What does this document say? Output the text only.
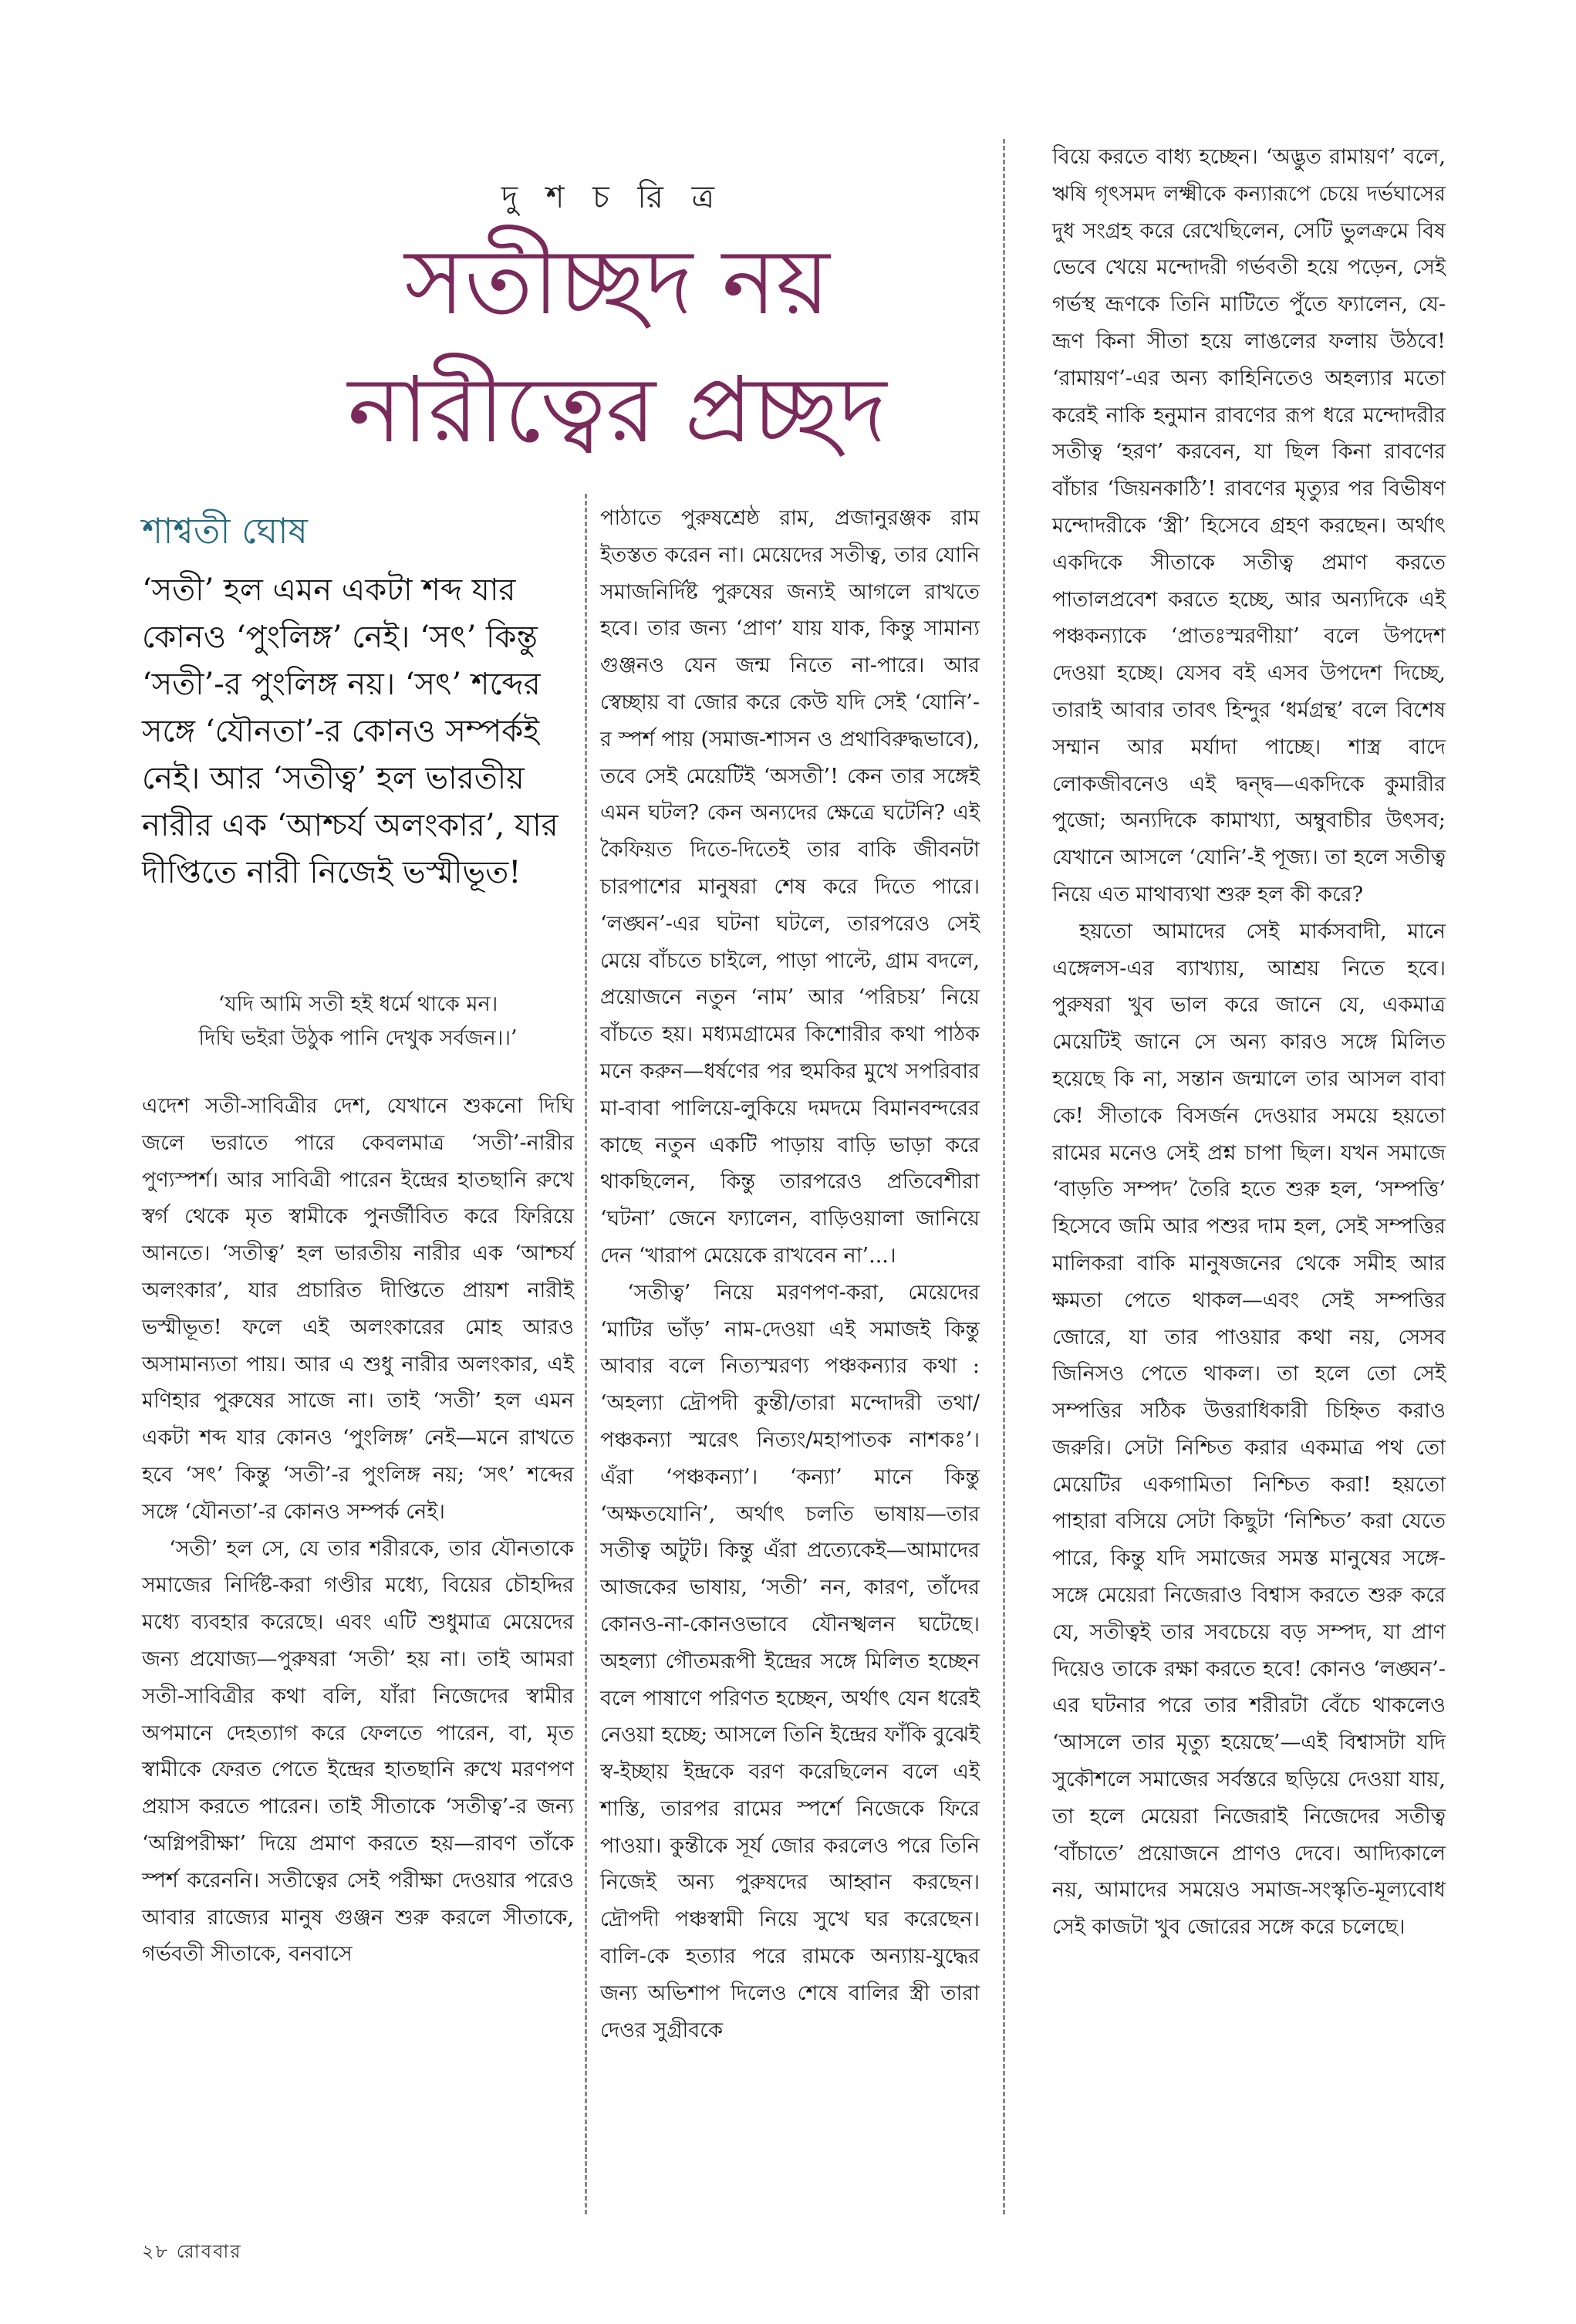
দু শ চ রি ত্র
সতীচ্ছদ নয়
নারীত্বের প্রচ্ছদ
শাশ্বতী ঘোষ
‘সতী’ হল এমন একটা শব্দ যার কোনও ‘পুংলিঙ্গ’ নেই। ‘সৎ’ কিন্তু ‘সতী’-র পুংলিঙ্গ নয়। ‘সৎ’ শব্দের সঙ্গে ‘যৌনতা’-র কোনও সম্পর্কই নেই। আর ‘সতীত্ব’ হল ভারতীয় নারীর এক ‘আশ্চর্য অলংকার’, যার দীপ্তিতে নারী নিজেই ভস্মীভূত!
‘যদি আমি সতী হই ধর্মে থাকে মন।
দিঘি ভইরা উঠুক পানি দেখুক সর্বজন।।’

এদেশ সতী-সাবিত্রীর দেশ, যেখানে শুকনো দিঘি জলে ভরাতে পারে কেবলমাত্র ‘সতী’-নারীর পুণ্যস্পর্শ। আর সাবিত্রী পারেন ইন্দ্রের হাতছানি রুখে স্বর্গ থেকে মৃত স্বামীকে পুনর্জীবিত করে ফিরিয়ে আনতে। ‘সতীত্ব’ হল ভারতীয় নারীর এক ‘আশ্চর্য অলংকার’, যার প্রচারিত দীপ্তিতে প্রায়শ নারীই ভস্মীভূত! ফলে এই অলংকারের মোহ আরও অসামান্যতা পায়। আর এ শুধু নারীর অলংকার, এই মণিহার পুরুষের সাজে না। তাই ‘সতী’ হল এমন একটা শব্দ যার কোনও ‘পুংলিঙ্গ’ নেই—মনে রাখতে হবে ‘সৎ’ কিন্তু ‘সতী’-র পুংলিঙ্গ নয়; ‘সৎ’ শব্দের সঙ্গে ‘যৌনতা’-র কোনও সম্পর্ক নেই।

‘সতী’ হল সে, যে তার শরীরকে, তার যৌনতাকে সমাজের নির্দিষ্ট-করা গণ্ডীর মধ্যে, বিয়ের চৌহদ্দির মধ্যে ব্যবহার করেছে। এবং এটি শুধুমাত্র মেয়েদের জন্য প্রযোজ্য—পুরুষরা ‘সতী’ হয় না। তাই আমরা সতী-সাবিত্রীর কথা বলি, যাঁরা নিজেদের স্বামীর অপমানে দেহত্যাগ করে ফেলতে পারেন, বা, মৃত স্বামীকে ফেরত পেতে ইন্দ্রের হাতছানি রুখে মরণপণ প্রয়াস করতে পারেন। তাই সীতাকে ‘সতীত্ব’-র জন্য ‘অগ্নিপরীক্ষা’ দিয়ে প্রমাণ করতে হয়—রাবণ তাঁকে স্পর্শ করেননি। সতীত্বের সেই পরীক্ষা দেওয়ার পরেও আবার রাজ্যের মানুষ গুঞ্জন শুরু করলে সীতাকে, গর্ভবতী সীতাকে, বনবাসে

পাঠাতে পুরুষশ্রেষ্ঠ রাম, প্রজানুরঞ্জক রাম ইতস্তত করেন না। মেয়েদের সতীত্ব, তার যোনি সমাজনির্দিষ্ট পুরুষের জন্যই আগলে রাখতে হবে। তার জন্য ‘প্রাণ’ যায় যাক, কিন্তু সামান্য গুঞ্জনও যেন জন্ম নিতে না-পারে। আর স্বেচ্ছায় বা জোর করে কেউ যদি সেই ‘যোনি’-র স্পর্শ পায় (সমাজ-শাসন ও প্রথাবিরুদ্ধভাবে), তবে সেই মেয়েটিই ‘অসতী’! কেন তার সঙ্গেই এমন ঘটল? কেন অন্যদের ক্ষেত্রে ঘটেনি? এই কৈফিয়ত দিতে-দিতেই তার বাকি জীবনটা চারপাশের মানুষরা শেষ করে দিতে পারে। ‘লঙ্ঘন’-এর ঘটনা ঘটলে, তারপরেও সেই মেয়ে বাঁচতে চাইলে, পাড়া পাল্টে, গ্রাম বদলে, প্রয়োজনে নতুন ‘নাম’ আর ‘পরিচয়’ নিয়ে বাঁচতে হয়। মধ্যমগ্রামের কিশোরীর কথা পাঠক মনে করুন—ধর্ষণের পর হুমকির মুখে সপরিবার মা-বাবা পালিয়ে-লুকিয়ে দমদমে বিমানবন্দরের কাছে নতুন একটি পাড়ায় বাড়ি ভাড়া করে থাকছিলেন, কিন্তু তারপরেও প্রতিবেশীরা ‘ঘটনা’ জেনে ফ্যালেন, বাড়িওয়ালা জানিয়ে দেন ‘খারাপ মেয়েকে রাখবেন না’...।

‘সতীত্ব’ নিয়ে মরণপণ-করা, মেয়েদের ‘মাটির ভাঁড়’ নাম-দেওয়া এই সমাজই কিন্তু আবার বলে নিত্যস্মরণ্য পঞ্চকন্যার কথা : ‘অহল্যা দ্রৌপদী কুন্তী/তারা মন্দোদরী তথা/পঞ্চকন্যা স্মরেৎ নিত্যং/মহাপাতক নাশকঃ’। এঁরা ‘পঞ্চকন্যা’। ‘কন্যা’ মানে কিন্তু ‘অক্ষতযোনি’, অর্থাৎ চলতি ভাষায়—তার সতীত্ব অটুট। কিন্তু এঁরা প্রত্যেকেই—আমাদের আজকের ভাষায়, ‘সতী’ নন, কারণ, তাঁদের কোনও-না-কোনওভাবে যৌনস্খলন ঘটেছে। অহল্যা গৌতমরূপী ইন্দ্রের সঙ্গে মিলিত হচ্ছেন বলে পাষাণে পরিণত হচ্ছেন, অর্থাৎ যেন ধরেই নেওয়া হচ্ছে; আসলে তিনি ইন্দ্রের ফাঁকি বুঝেই স্ব-ইচ্ছায় ইন্দ্রকে বরণ করেছিলেন বলে এই শাস্তি, তারপর রামের স্পর্শে নিজেকে ফিরে পাওয়া। কুন্তীকে সূর্য জোর করলেও পরে তিনি নিজেই অন্য পুরুষদের আহ্বান করছেন। দ্রৌপদী পঞ্চস্বামী নিয়ে সুখে ঘর করেছেন। বালি-কে হত্যার পরে রামকে অন্যায়-যুদ্ধের জন্য অভিশাপ দিলেও শেষে বালির স্ত্রী তারা দেওর সুগ্রীবকে

বিয়ে করতে বাধ্য হচ্ছেন। ‘অদ্ভুত রামায়ণ’ বলে, ঋষি গৃৎসমদ লক্ষ্মীকে কন্যারূপে চেয়ে দর্ভঘাসের দুধ সংগ্রহ করে রেখেছিলেন, সেটি ভুলক্রমে বিষ ভেবে খেয়ে মন্দোদরী গর্ভবতী হয়ে পড়েন, সেই গর্ভস্থ ভ্রূণকে তিনি মাটিতে পুঁতে ফ্যালেন, যে-ভ্রূণ কিনা সীতা হয়ে লাঙলের ফলায় উঠবে! ‘রামায়ণ’-এর অন্য কাহিনিতেও অহল্যার মতো করেই নাকি হনুমান রাবণের রূপ ধরে মন্দোদরীর সতীত্ব ‘হরণ’ করবেন, যা ছিল কিনা রাবণের বাঁচার ‘জিয়নকাঠি’! রাবণের মৃত্যুর পর বিভীষণ মন্দোদরীকে ‘স্ত্রী’ হিসেবে গ্রহণ করছেন। অর্থাৎ একদিকে সীতাকে সতীত্ব প্রমাণ করতে পাতালপ্রবেশ করতে হচ্ছে, আর অন্যদিকে এই পঞ্চকন্যাকে ‘প্রাতঃস্মরণীয়া’ বলে উপদেশ দেওয়া হচ্ছে। যেসব বই এসব উপদেশ দিচ্ছে, তারাই আবার তাবৎ হিন্দুর ‘ধর্মগ্রন্থ’ বলে বিশেষ সম্মান আর মর্যাদা পাচ্ছে। শাস্ত্র বাদে লোকজীবনেও এই দ্বন্দ্ব—একদিকে কুমারীর পুজো; অন্যদিকে কামাখ্যা, অম্বুবাচীর উৎসব; যেখানে আসলে ‘যোনি’-ই পূজ্য। তা হলে সতীত্ব নিয়ে এত মাথাব্যথা শুরু হল কী করে?

হয়তো আমাদের সেই মার্কসবাদী, মানে এঙ্গেলস-এর ব্যাখ্যায়, আশ্রয় নিতে হবে। পুরুষরা খুব ভাল করে জানে যে, একমাত্র মেয়েটিই জানে সে অন্য কারও সঙ্গে মিলিত হয়েছে কি না, সন্তান জন্মালে তার আসল বাবা কে! সীতাকে বিসর্জন দেওয়ার সময়ে হয়তো রামের মনেও সেই প্রশ্ন চাপা ছিল। যখন সমাজে ‘বাড়তি সম্পদ’ তৈরি হতে শুরু হল, ‘সম্পত্তি’ হিসেবে জমি আর পশুর দাম হল, সেই সম্পত্তির মালিকরা বাকি মানুষজনের থেকে সমীহ আর ক্ষমতা পেতে থাকল—এবং সেই সম্পত্তির জোরে, যা তার পাওয়ার কথা নয়, সেসব জিনিসও পেতে থাকল। তা হলে তো সেই সম্পত্তির সঠিক উত্তরাধিকারী চিহ্নিত করাও জরুরি। সেটা নিশ্চিত করার একমাত্র পথ তো মেয়েটির একগামিতা নিশ্চিত করা! হয়তো পাহারা বসিয়ে সেটা কিছুটা ‘নিশ্চিত’ করা যেতে পারে, কিন্তু যদি সমাজের সমস্ত মানুষের সঙ্গে-সঙ্গে মেয়েরা নিজেরাও বিশ্বাস করতে শুরু করে যে, সতীত্বই তার সবচেয়ে বড় সম্পদ, যা প্রাণ দিয়েও তাকে রক্ষা করতে হবে! কোনও ‘লঙ্ঘন’-এর ঘটনার পরে তার শরীরটা বেঁচে থাকলেও ‘আসলে তার মৃত্যু হয়েছে’—এই বিশ্বাসটা যদি সুকৌশলে সমাজের সর্বস্তরে ছড়িয়ে দেওয়া যায়, তা হলে মেয়েরা নিজেরাই নিজেদের সতীত্ব ‘বাঁচাতে’ প্রয়োজনে প্রাণও দেবে। আদ্যিকালে নয়, আমাদের সময়েও সমাজ-সংস্কৃতি-মূল্যবোধ সেই কাজটা খুব জোরের সঙ্গে করে চলেছে।

২৮ রোববার
